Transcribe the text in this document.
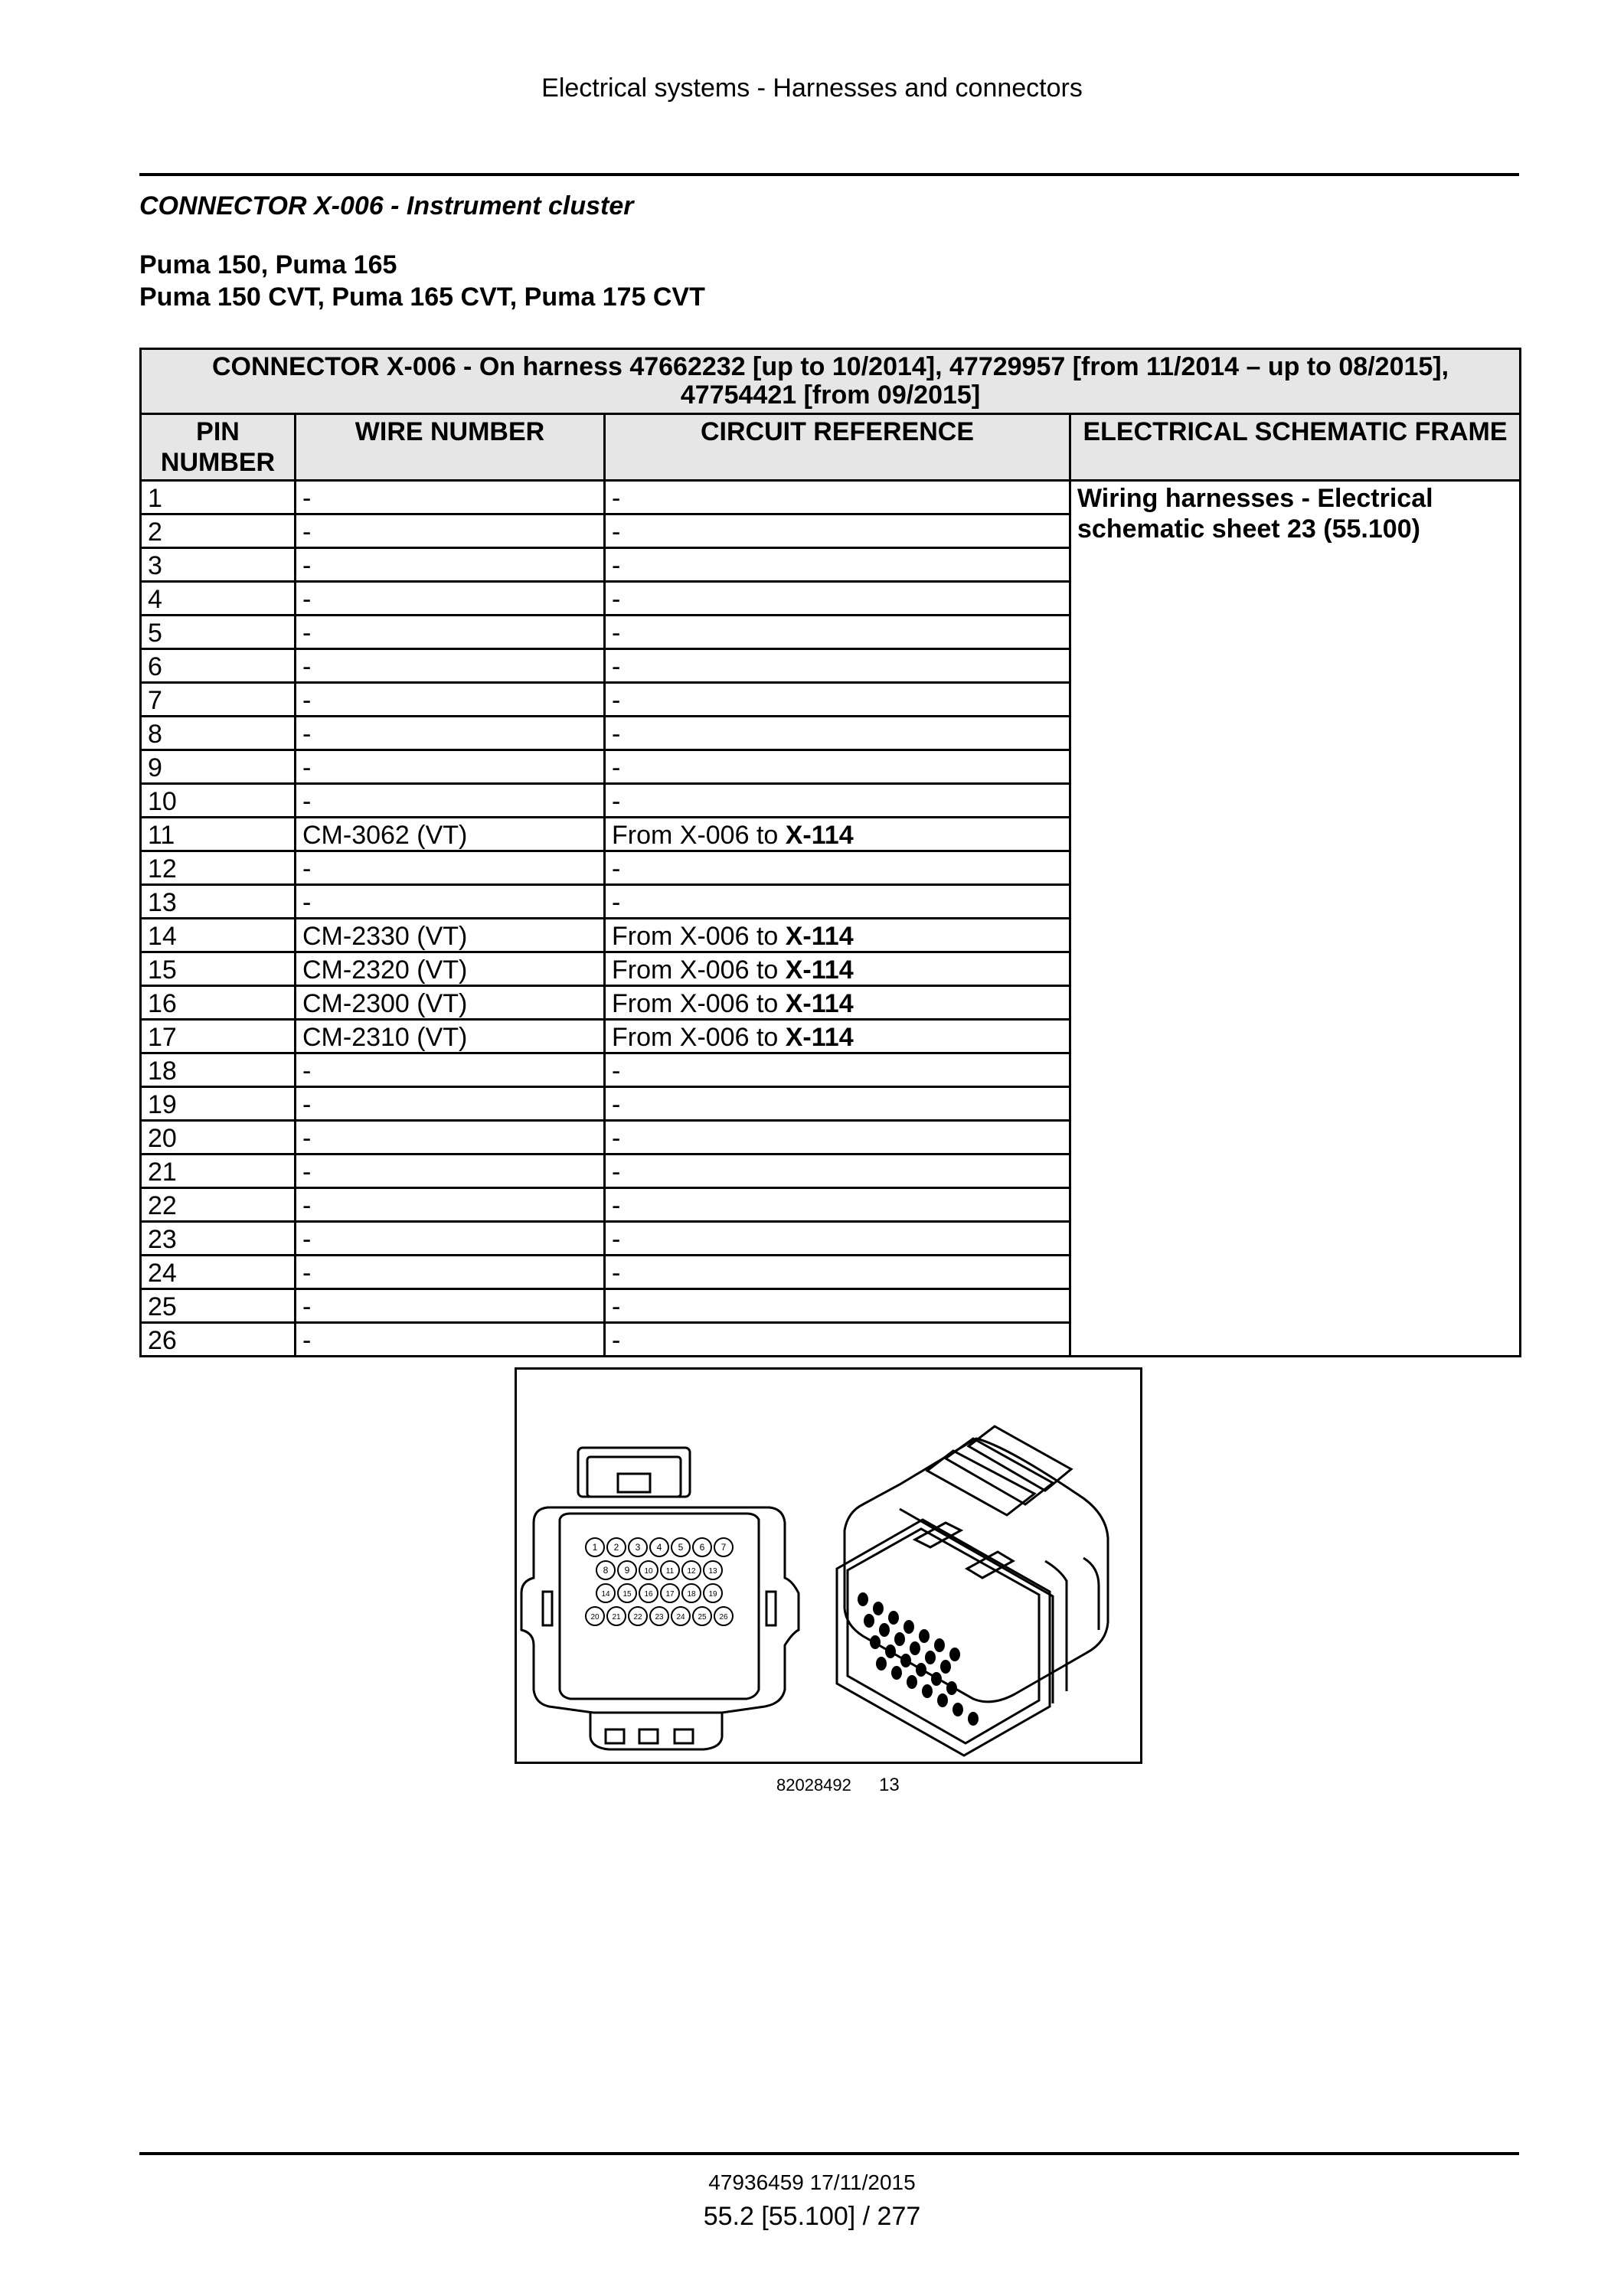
Electrical systems - Harnesses and connectors
CONNECTOR X-006 - Instrument cluster
Puma 150, Puma 165
Puma 150 CVT, Puma 165 CVT, Puma 175 CVT
CONNECTOR X-006 - On harness 47662232 [up to 10/2014], 47729957 [from 11/2014 – up to 08/2015],
47754421 [from 09/2015]			

PIN NUMBER	WIRE NUMBER	CIRCUIT REFERENCE	ELECTRICAL SCHEMATIC FRAME
1	-	-	Wiring harnesses - Electrical schematic sheet 23 (55.100)
2	-	-	
3	-	-	
4	-	-	
5	-	-	
6	-	-	
7	-	-	
8	-	-	
9	-	-	
10	-	-	
11	CM-3062 (VT)	From X-006 to X-114	
12	-	-	
13	-	-	
14	CM-2330 (VT)	From X-006 to X-114	
15	CM-2320 (VT)	From X-006 to X-114	
16	CM-2300 (VT)	From X-006 to X-114	
17	CM-2310 (VT)	From X-006 to X-114	
18	-	-	
19	-	-	
20	-	-	
21	-	-	
22	-	-	
23	-	-	
24	-	-	
25	-	-	
26	-	-	
1 2 3 4 5 6 7
8 9 10 11 12 13
14 15 16 17 18 19
20 21 22 23 24 25 26
82028492 13
47936459 17/11/2015
55.2 [55.100] / 277
